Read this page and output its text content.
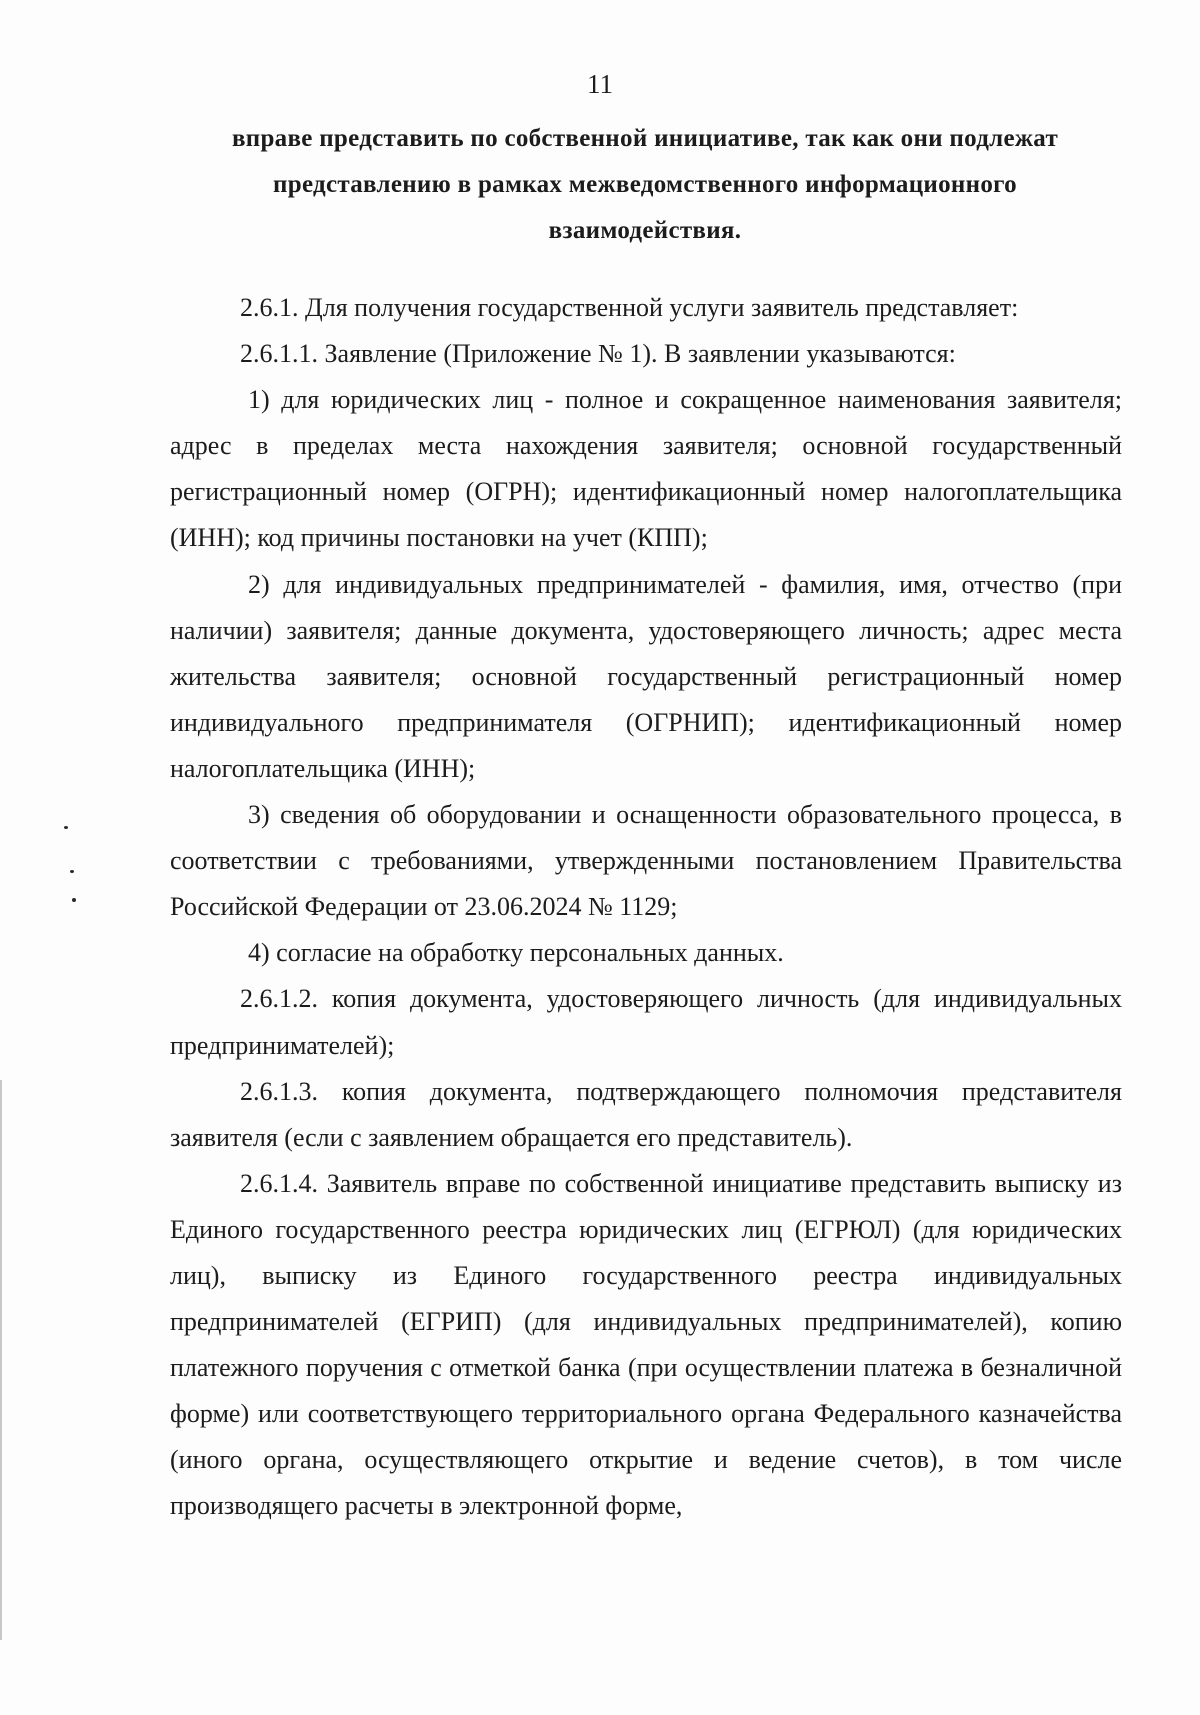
11
вправе представить по собственной инициативе, так как они подлежат
представлению в рамках межведомственного информационного
взаимодействия.

2.6.1. Для получения государственной услуги заявитель представляет:

2.6.1.1. Заявление (Приложение № 1). В заявлении указываются:

1) для юридических лиц - полное и сокращенное наименования заявителя; адрес в пределах места нахождения заявителя; основной государственный регистрационный номер (ОГРН); идентификационный номер налогоплательщика (ИНН); код причины постановки на учет (КПП);

2) для индивидуальных предпринимателей - фамилия, имя, отчество (при наличии) заявителя; данные документа, удостоверяющего личность; адрес места жительства заявителя; основной государственный регистрационный номер индивидуального предпринимателя (ОГРНИП); идентификационный номер налогоплательщика (ИНН);

3) сведения об оборудовании и оснащенности образовательного процесса, в соответствии с требованиями, утвержденными постановлением Правительства Российской Федерации от 23.06.2024 № 1129;

4) согласие на обработку персональных данных.

2.6.1.2. копия документа, удостоверяющего личность (для индивидуальных предпринимателей);

2.6.1.3. копия документа, подтверждающего полномочия представителя заявителя (если с заявлением обращается его представитель).

2.6.1.4. Заявитель вправе по собственной инициативе представить выписку из Единого государственного реестра юридических лиц (ЕГРЮЛ) (для юридических лиц), выписку из Единого государственного реестра индивидуальных предпринимателей (ЕГРИП) (для индивидуальных предпринимателей), копию платежного поручения с отметкой банка (при осуществлении платежа в безналичной форме) или соответствующего территориального органа Федерального казначейства (иного органа, осуществляющего открытие и ведение счетов), в том числе производящего расчеты в электронной форме,
